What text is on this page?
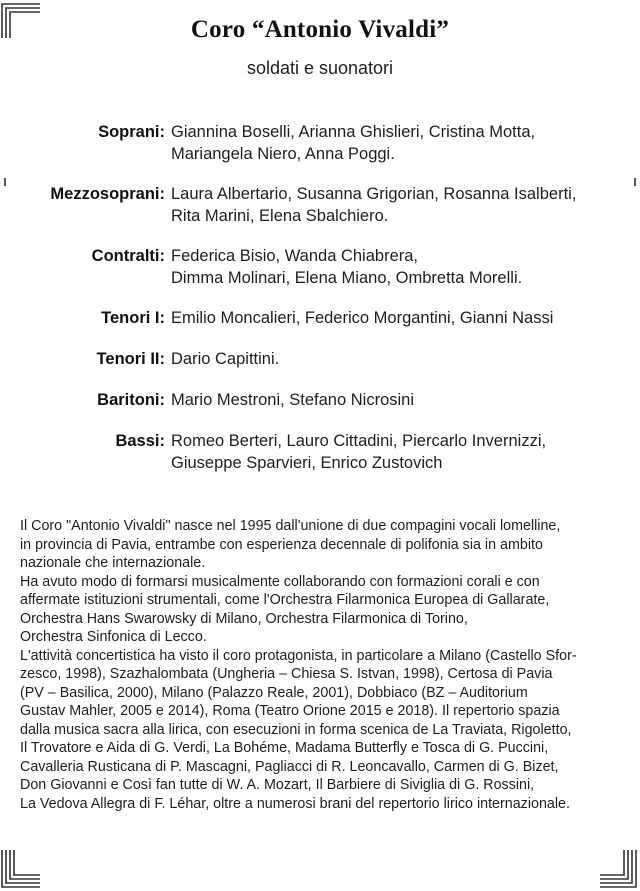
Coro “Antonio Vivaldi”
soldati e suonatori
Soprani: Giannina Boselli, Arianna Ghislieri, Cristina Motta,
Mariangela Niero, Anna Poggi.
Mezzosoprani: Laura Albertario, Susanna Grigorian, Rosanna Isalberti,
Rita Marini, Elena Sbalchiero.
Contralti: Federica Bisio, Wanda Chiabrera,
Dimma Molinari, Elena Miano, Ombretta Morelli.
Tenori I: Emilio Moncalieri, Federico Morgantini, Gianni Nassi
Tenori II: Dario Capittini.
Baritoni: Mario Mestroni, Stefano Nicrosini
Bassi: Romeo Berteri, Lauro Cittadini, Piercarlo Invernizzi,
Giuseppe Sparvieri, Enrico Zustovich
Il Coro "Antonio Vivaldi" nasce nel 1995 dall'unione di due compagini vocali lomelline,
in provincia di Pavia, entrambe con esperienza decennale di polifonia sia in ambito
nazionale che internazionale.
Ha avuto modo di formarsi musicalmente collaborando con formazioni corali e con
affermate istituzioni strumentali, come l'Orchestra Filarmonica Europea di Gallarate,
Orchestra Hans Swarowsky di Milano, Orchestra Filarmonica di Torino,
Orchestra Sinfonica di Lecco.
L'attività concertistica ha visto il coro protagonista, in particolare a Milano (Castello Sfor-
zesco, 1998), Szazhalombata (Ungheria – Chiesa S. Istvan, 1998), Certosa di Pavia
(PV – Basilica, 2000), Milano (Palazzo Reale, 2001), Dobbiaco (BZ – Auditorium
Gustav Mahler, 2005 e 2014), Roma (Teatro Orione 2015 e 2018). Il repertorio spazia
dalla musica sacra alla lirica, con esecuzioni in forma scenica de La Traviata, Rigoletto,
Il Trovatore e Aida di G. Verdi, La Bohéme, Madama Butterfly e Tosca di G. Puccini,
Cavalleria Rusticana di P. Mascagni, Pagliacci di R. Leoncavallo, Carmen di G. Bizet,
Don Giovanni e Così fan tutte di W. A. Mozart, Il Barbiere di Siviglia di G. Rossini,
La Vedova Allegra di F. Léhar, oltre a numerosi brani del repertorio lirico internazionale.
